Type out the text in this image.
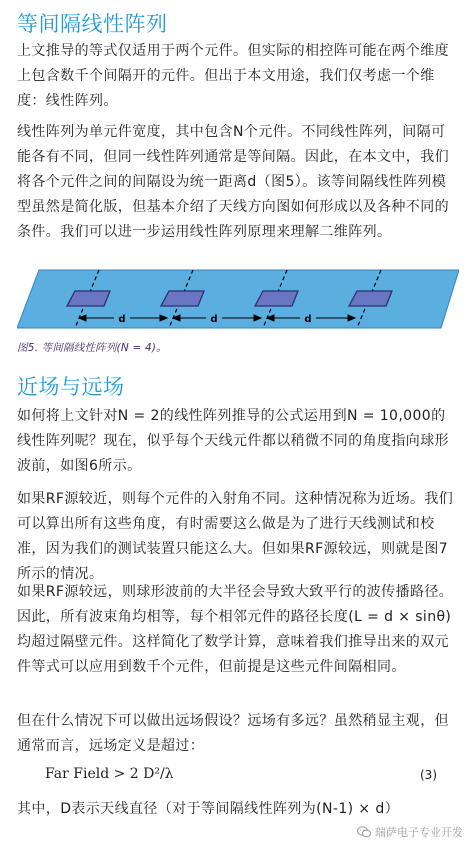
等间隔线性阵列

上文推导的等式仅适用于两个元件。但实际的相控阵可能在两个维度上包含数千个间隔开的元件。但出于本文用途，我们仅考虑一个维度：线性阵列。

线性阵列为单元件宽度，其中包含N个元件。不同线性阵列，间隔可能各有不同，但同一线性阵列通常是等间隔。因此，在本文中，我们将各个元件之间的间隔设为统一距离d（图5）。该等间隔线性阵列模型虽然是简化版，但基本介绍了天线方向图如何形成以及各种不同的条件。我们可以进一步运用线性阵列原理来理解二维阵列。

d	d	d
图5. 等间隔线性阵列(N = 4)。
近场与远场

如何将上文针对N = 2的线性阵列推导的公式运用到N = 10,000的线性阵列呢？现在，似乎每个天线元件都以稍微不同的角度指向球形波前，如图6所示。

如果RF源较近，则每个元件的入射角不同。这种情况称为近场。我们可以算出所有这些角度，有时需要这么做是为了进行天线测试和校准，因为我们的测试装置只能这么大。但如果RF源较远，则就是图7所示的情况。

如果RF源较远，则球形波前的大半径会导致大致平行的波传播路径。因此，所有波束角均相等，每个相邻元件的路径长度(L = d × sinθ)均超过隔壁元件。这样简化了数学计算，意味着我们推导出来的双元件等式可以应用到数千个元件，但前提是这些元件间隔相同。

但在什么情况下可以做出远场假设？远场有多远？虽然稍显主观，但通常而言，远场定义是超过：

Far Field > 2 D²/λ	(3)

其中，D表示天线直径（对于等间隔线性阵列为(N-1) × d）

瑞萨电子专业开发
